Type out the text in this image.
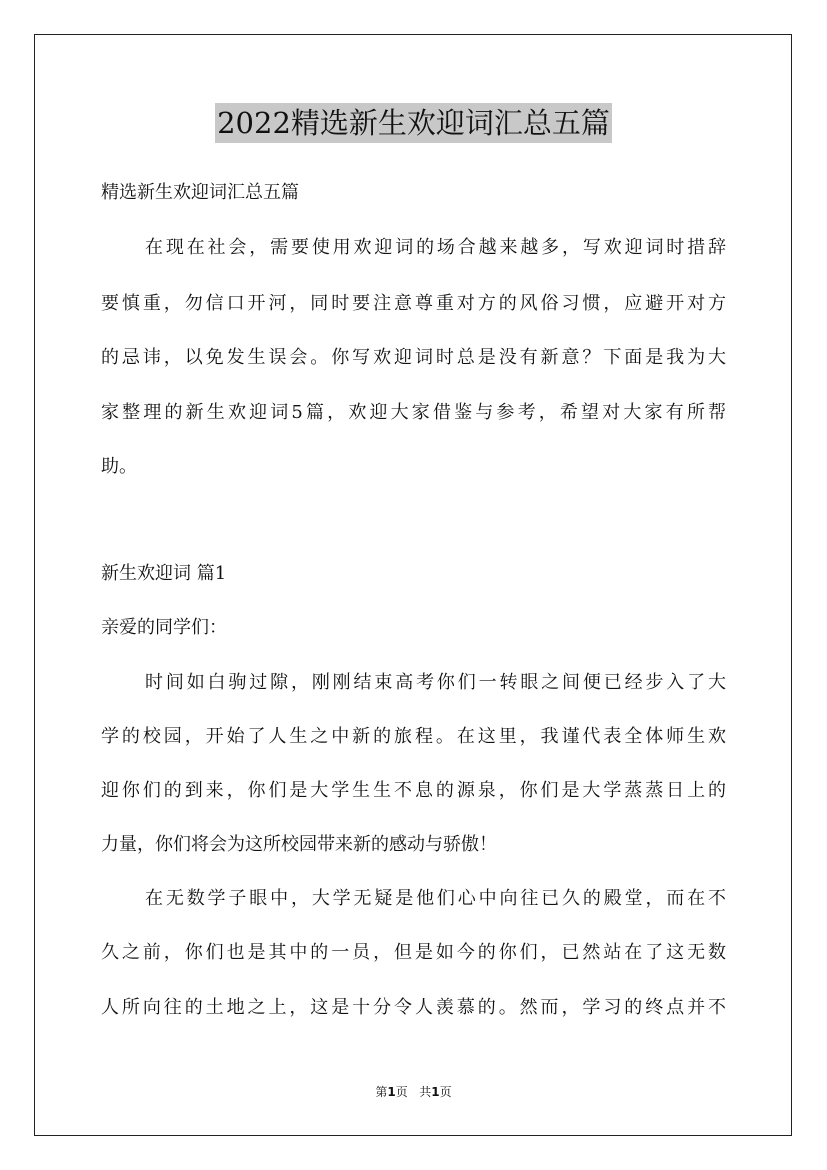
2022精选新生欢迎词汇总五篇
精选新生欢迎词汇总五篇
在现在社会，需要使用欢迎词的场合越来越多，写欢迎词时措辞
要慎重，勿信口开河，同时要注意尊重对方的风俗习惯，应避开对方
的忌讳，以免发生误会。你写欢迎词时总是没有新意？下面是我为大
家整理的新生欢迎词5篇，欢迎大家借鉴与参考，希望对大家有所帮
助。
新生欢迎词 篇1
亲爱的同学们：
时间如白驹过隙，刚刚结束高考你们一转眼之间便已经步入了大
学的校园，开始了人生之中新的旅程。在这里，我谨代表全体师生欢
迎你们的到来，你们是大学生生不息的源泉，你们是大学蒸蒸日上的
力量，你们将会为这所校园带来新的感动与骄傲！
在无数学子眼中，大学无疑是他们心中向往已久的殿堂，而在不
久之前，你们也是其中的一员，但是如今的你们，已然站在了这无数
人所向往的土地之上，这是十分令人羡慕的。然而，学习的终点并不
第1页 共1页
